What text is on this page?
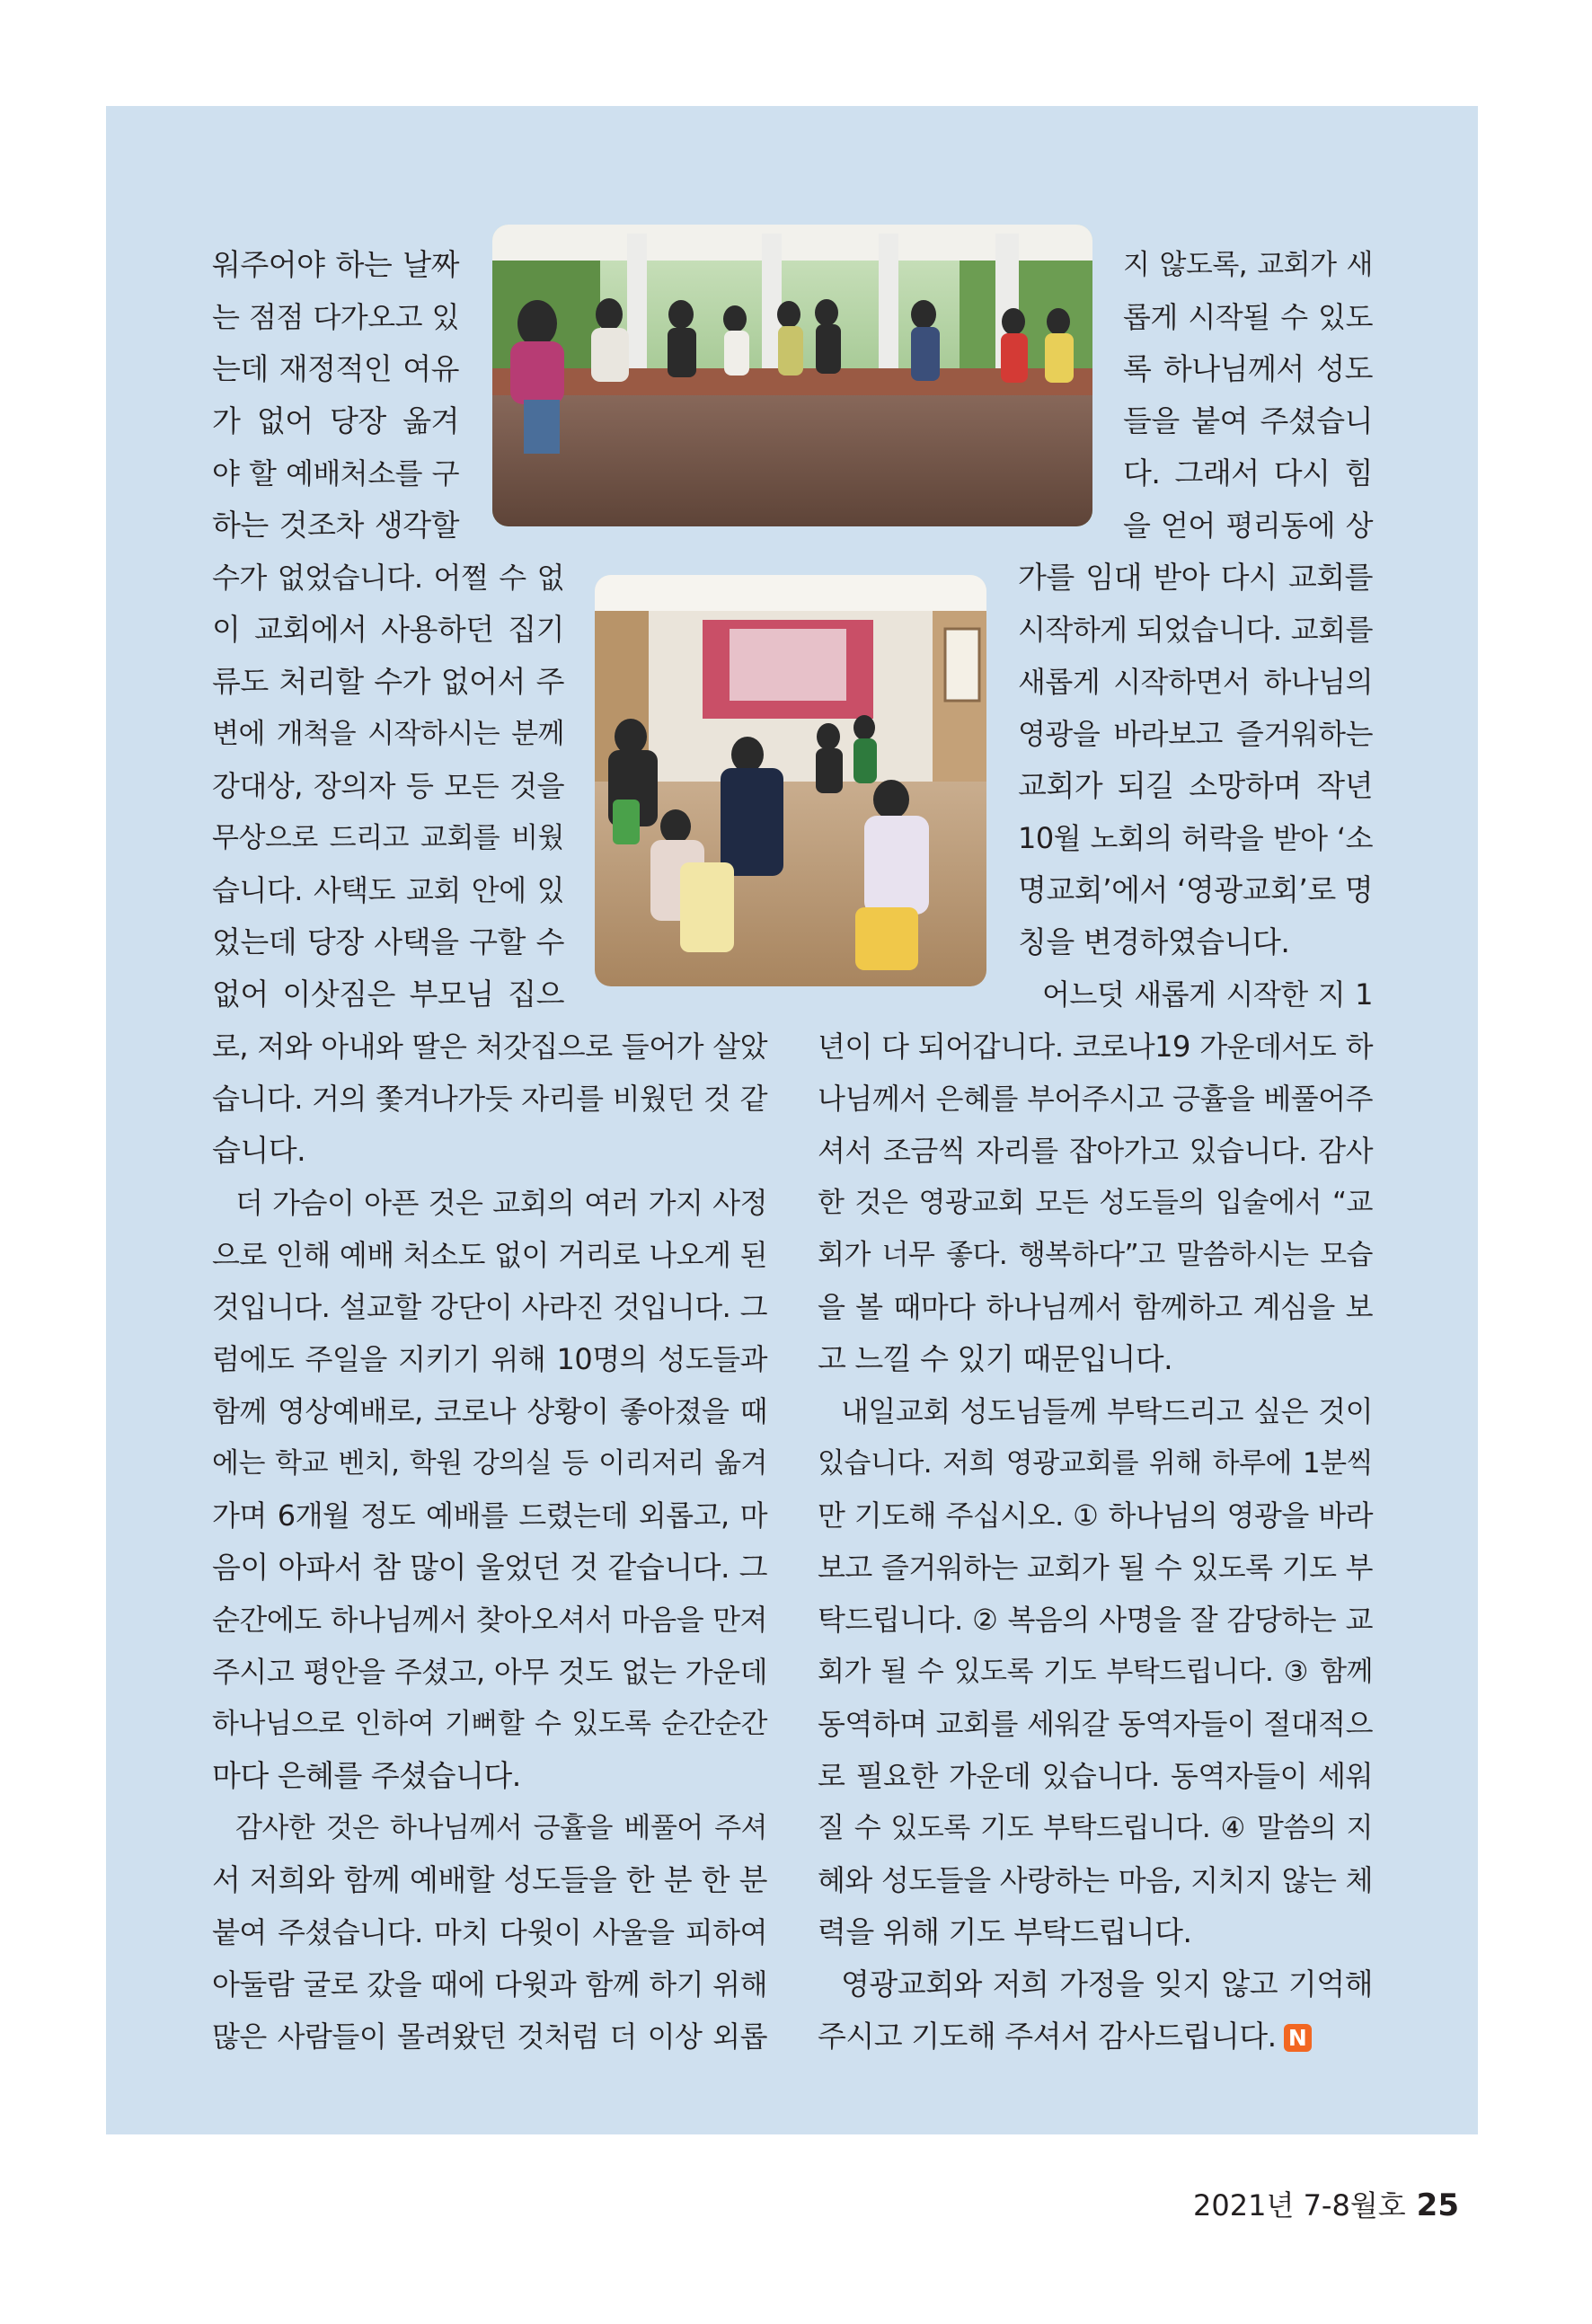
워주어야 하는 날짜
는 점점 다가오고 있
는데 재정적인 여유
가 없어 당장 옮겨
야 할 예배처소를 구
하는 것조차 생각할
수가 없었습니다. 어쩔 수 없
이 교회에서 사용하던 집기
류도 처리할 수가 없어서 주
변에 개척을 시작하시는 분께
강대상, 장의자 등 모든 것을
무상으로 드리고 교회를 비웠
습니다. 사택도 교회 안에 있
었는데 당장 사택을 구할 수
없어 이삿짐은 부모님 집으
로, 저와 아내와 딸은 처갓집으로 들어가 살았
습니다. 거의 쫓겨나가듯 자리를 비웠던 것 같
습니다.
더 가슴이 아픈 것은 교회의 여러 가지 사정
으로 인해 예배 처소도 없이 거리로 나오게 된
것입니다. 설교할 강단이 사라진 것입니다. 그
럼에도 주일을 지키기 위해 10명의 성도들과
함께 영상예배로, 코로나 상황이 좋아졌을 때
에는 학교 벤치, 학원 강의실 등 이리저리 옮겨
가며 6개월 정도 예배를 드렸는데 외롭고, 마
음이 아파서 참 많이 울었던 것 같습니다. 그
순간에도 하나님께서 찾아오셔서 마음을 만져
주시고 평안을 주셨고, 아무 것도 없는 가운데
하나님으로 인하여 기뻐할 수 있도록 순간순간
마다 은혜를 주셨습니다.
감사한 것은 하나님께서 긍휼을 베풀어 주셔
서 저희와 함께 예배할 성도들을 한 분 한 분
붙여 주셨습니다. 마치 다윗이 사울을 피하여
아둘람 굴로 갔을 때에 다윗과 함께 하기 위해
많은 사람들이 몰려왔던 것처럼 더 이상 외롭
지 않도록, 교회가 새
롭게 시작될 수 있도
록 하나님께서 성도
들을 붙여 주셨습니
다. 그래서 다시 힘
을 얻어 평리동에 상
가를 임대 받아 다시 교회를
시작하게 되었습니다. 교회를
새롭게 시작하면서 하나님의
영광을 바라보고 즐거워하는
교회가 되길 소망하며 작년
10월 노회의 허락을 받아 ‘소
명교회’에서 ‘영광교회’로 명
칭을 변경하였습니다.
어느덧 새롭게 시작한 지 1
년이 다 되어갑니다. 코로나19 가운데서도 하
나님께서 은혜를 부어주시고 긍휼을 베풀어주
셔서 조금씩 자리를 잡아가고 있습니다. 감사
한 것은 영광교회 모든 성도들의 입술에서 “교
회가 너무 좋다. 행복하다”고 말씀하시는 모습
을 볼 때마다 하나님께서 함께하고 계심을 보
고 느낄 수 있기 때문입니다.
내일교회 성도님들께 부탁드리고 싶은 것이
있습니다. 저희 영광교회를 위해 하루에 1분씩
만 기도해 주십시오. ① 하나님의 영광을 바라
보고 즐거워하는 교회가 될 수 있도록 기도 부
탁드립니다. ② 복음의 사명을 잘 감당하는 교
회가 될 수 있도록 기도 부탁드립니다. ③ 함께
동역하며 교회를 세워갈 동역자들이 절대적으
로 필요한 가운데 있습니다. 동역자들이 세워
질 수 있도록 기도 부탁드립니다. ④ 말씀의 지
혜와 성도들을 사랑하는 마음, 지치지 않는 체
력을 위해 기도 부탁드립니다.
영광교회와 저희 가정을 잊지 않고 기억해
주시고 기도해 주셔서 감사드립니다. N
2021년 7-8월호 25
